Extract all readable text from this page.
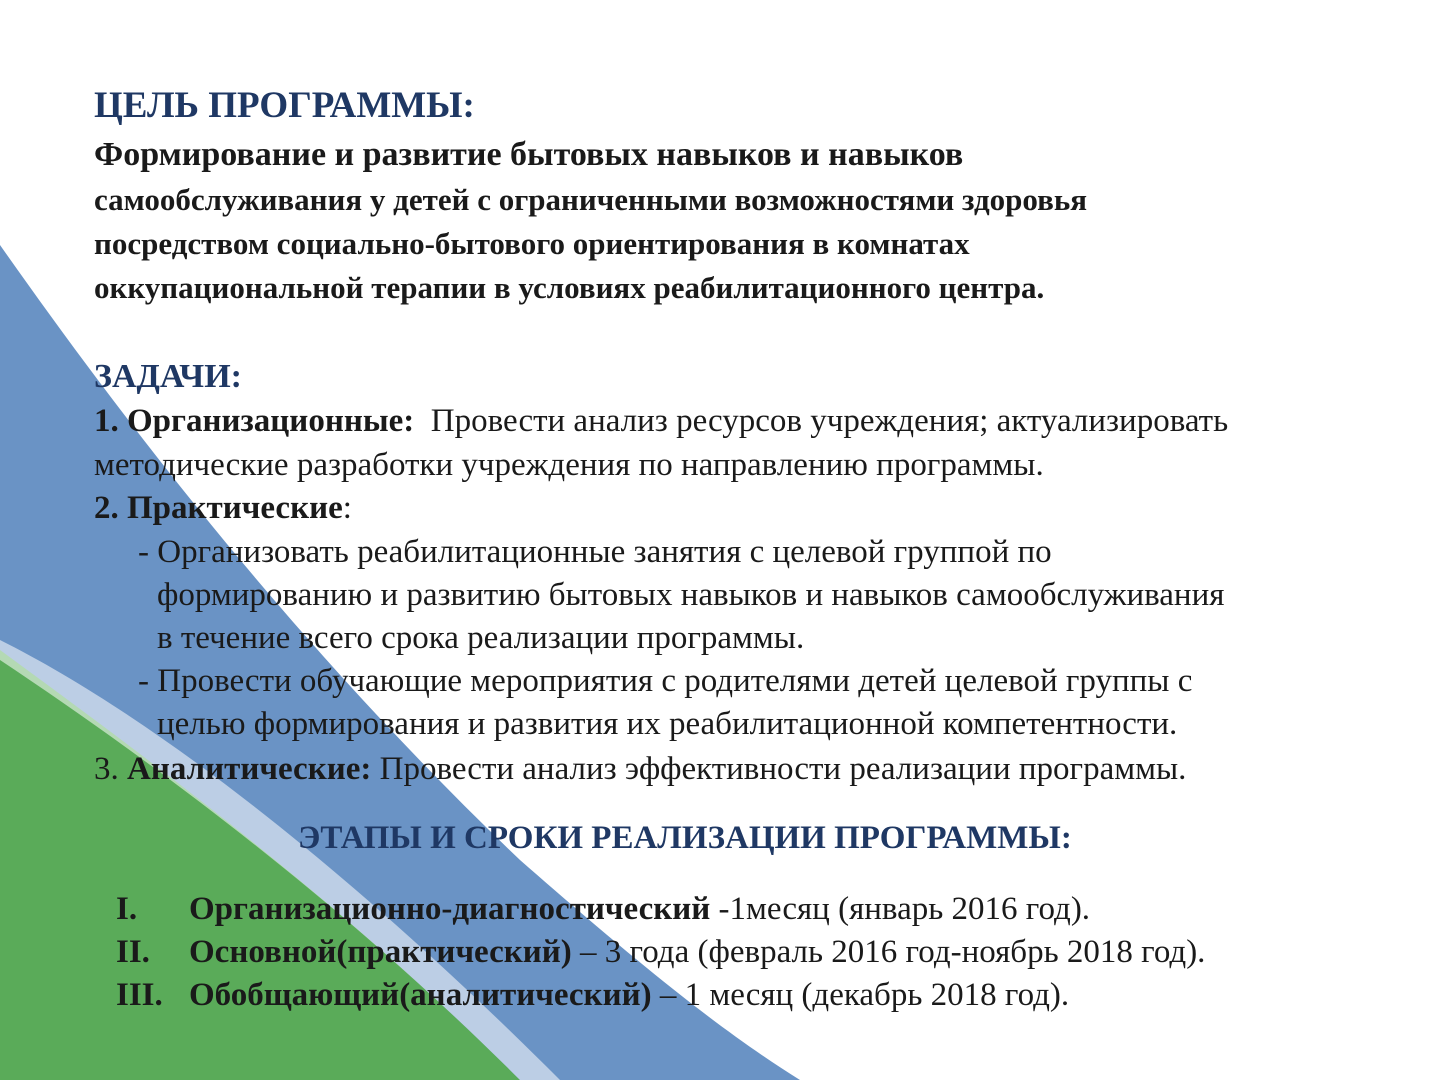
ЦЕЛЬ ПРОГРАММЫ:
Формирование и развитие бытовых навыков и навыков
самообслуживания у детей с ограниченными возможностями здоровья
посредством социально-бытового ориентирования в комнатах
оккупациональной терапии в условиях реабилитационного центра.
ЗАДАЧИ:
1. Организационные: Провести анализ ресурсов учреждения; актуализировать
методические разработки учреждения по направлению программы.
2. Практические:
- Организовать реабилитационные занятия с целевой группой по
формированию и развитию бытовых навыков и навыков самообслуживания
в течение всего срока реализации программы.
- Провести обучающие мероприятия с родителями детей целевой группы с
целью формирования и развития их реабилитационной компетентности.
3. Аналитические: Провести анализ эффективности реализации программы.
ЭТАПЫ И СРОКИ РЕАЛИЗАЦИИ ПРОГРАММЫ:
I. Организационно-диагностический -1месяц (январь 2016 год).
II. Основной(практический) – 3 года (февраль 2016 год-ноябрь 2018 год).
III. Обобщающий(аналитический) – 1 месяц (декабрь 2018 год).
